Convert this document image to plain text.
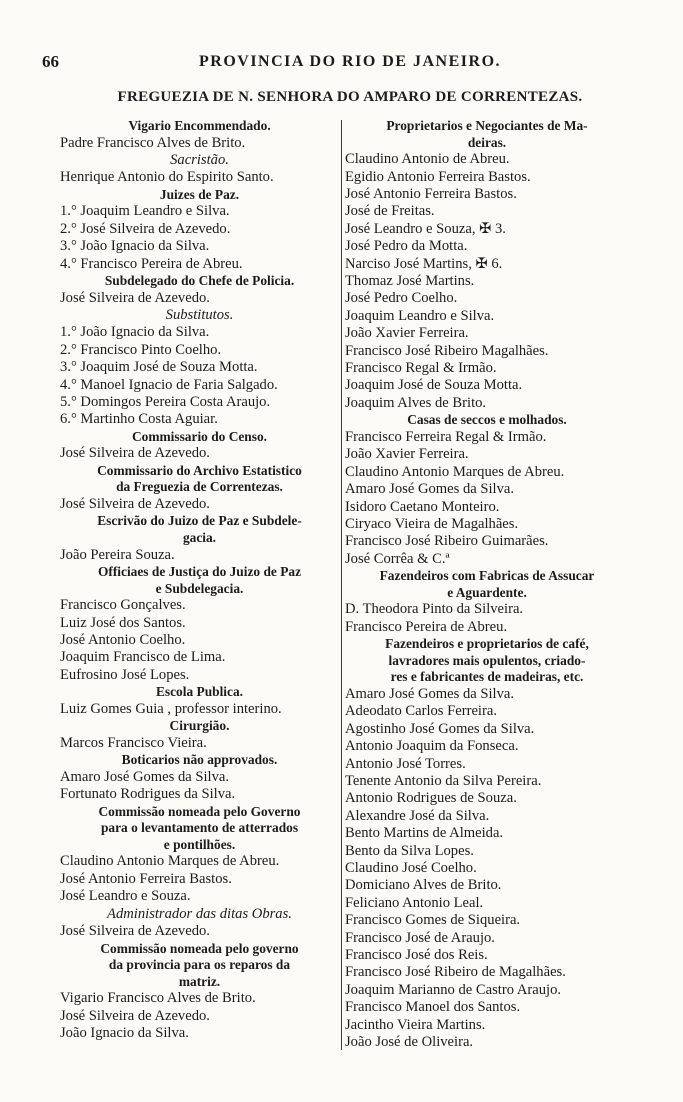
66	PROVINCIA DO RIO DE JANEIRO.
FREGUEZIA DE N. SENHORA DO AMPARO DE CORRENTEZAS.
Vigario Encommendado.
Padre Francisco Alves de Brito.
Sacristão.
Henrique Antonio do Espirito Santo.
Juizes de Paz.
1.° Joaquim Leandro e Silva.
2.° José Silveira de Azevedo.
3.° João Ignacio da Silva.
4.° Francisco Pereira de Abreu.
Subdelegado do Chefe de Policia.
José Silveira de Azevedo.
Substitutos.
1.° João Ignacio da Silva.
2.° Francisco Pinto Coelho.
3.° Joaquim José de Souza Motta.
4.° Manoel Ignacio de Faria Salgado.
5.° Domingos Pereira Costa Araujo.
6.° Martinho Costa Aguiar.
Commissario do Censo.
José Silveira de Azevedo.
Commissario do Archivo Estatistico
da Freguezia de Correntezas.
José Silveira de Azevedo.
Escrivão do Juizo de Paz e Subdele-
gacia.
João Pereira Souza.
Officiaes de Justiça do Juizo de Paz
e Subdelegacia.
Francisco Gonçalves.
Luiz José dos Santos.
José Antonio Coelho.
Joaquim Francisco de Lima.
Eufrosino José Lopes.
Escola Publica.
Luiz Gomes Guia , professor interino.
Cirurgião.
Marcos Francisco Vieira.
Boticarios não approvados.
Amaro José Gomes da Silva.
Fortunato Rodrigues da Silva.
Commissão nomeada pelo Governo
para o levantamento de atterrados
e pontilhões.
Claudino Antonio Marques de Abreu.
José Antonio Ferreira Bastos.
José Leandro e Souza.
Administrador das ditas Obras.
José Silveira de Azevedo.
Commissão nomeada pelo governo
da provincia para os reparos da
matriz.
Vigario Francisco Alves de Brito.
José Silveira de Azevedo.
João Ignacio da Silva.
Proprietarios e Negociantes de Ma-
deiras.
Claudino Antonio de Abreu.
Egidio Antonio Ferreira Bastos.
José Antonio Ferreira Bastos.
José de Freitas.
José Leandro e Souza, ✠ 3.
José Pedro da Motta.
Narciso José Martins, ✠ 6.
Thomaz José Martins.
José Pedro Coelho.
Joaquim Leandro e Silva.
João Xavier Ferreira.
Francisco José Ribeiro Magalhães.
Francisco Regal & Irmão.
Joaquim José de Souza Motta.
Joaquim Alves de Brito.
Casas de seccos e molhados.
Francisco Ferreira Regal & Irmão.
João Xavier Ferreira.
Claudino Antonio Marques de Abreu.
Amaro José Gomes da Silva.
Isidoro Caetano Monteiro.
Ciryaco Vieira de Magalhães.
Francisco José Ribeiro Guimarães.
José Corrêa & C.ª
Fazendeiros com Fabricas de Assucar
e Aguardente.
D. Theodora Pinto da Silveira.
Francisco Pereira de Abreu.
Fazendeiros e proprietarios de café,
lavradores mais opulentos, criado-
res e fabricantes de madeiras, etc.
Amaro José Gomes da Silva.
Adeodato Carlos Ferreira.
Agostinho José Gomes da Silva.
Antonio Joaquim da Fonseca.
Antonio José Torres.
Tenente Antonio da Silva Pereira.
Antonio Rodrigues de Souza.
Alexandre José da Silva.
Bento Martins de Almeida.
Bento da Silva Lopes.
Claudino José Coelho.
Domiciano Alves de Brito.
Feliciano Antonio Leal.
Francisco Gomes de Siqueira.
Francisco José de Araujo.
Francisco José dos Reis.
Francisco José Ribeiro de Magalhães.
Joaquim Marianno de Castro Araujo.
Francisco Manoel dos Santos.
Jacintho Vieira Martins.
João José de Oliveira.
